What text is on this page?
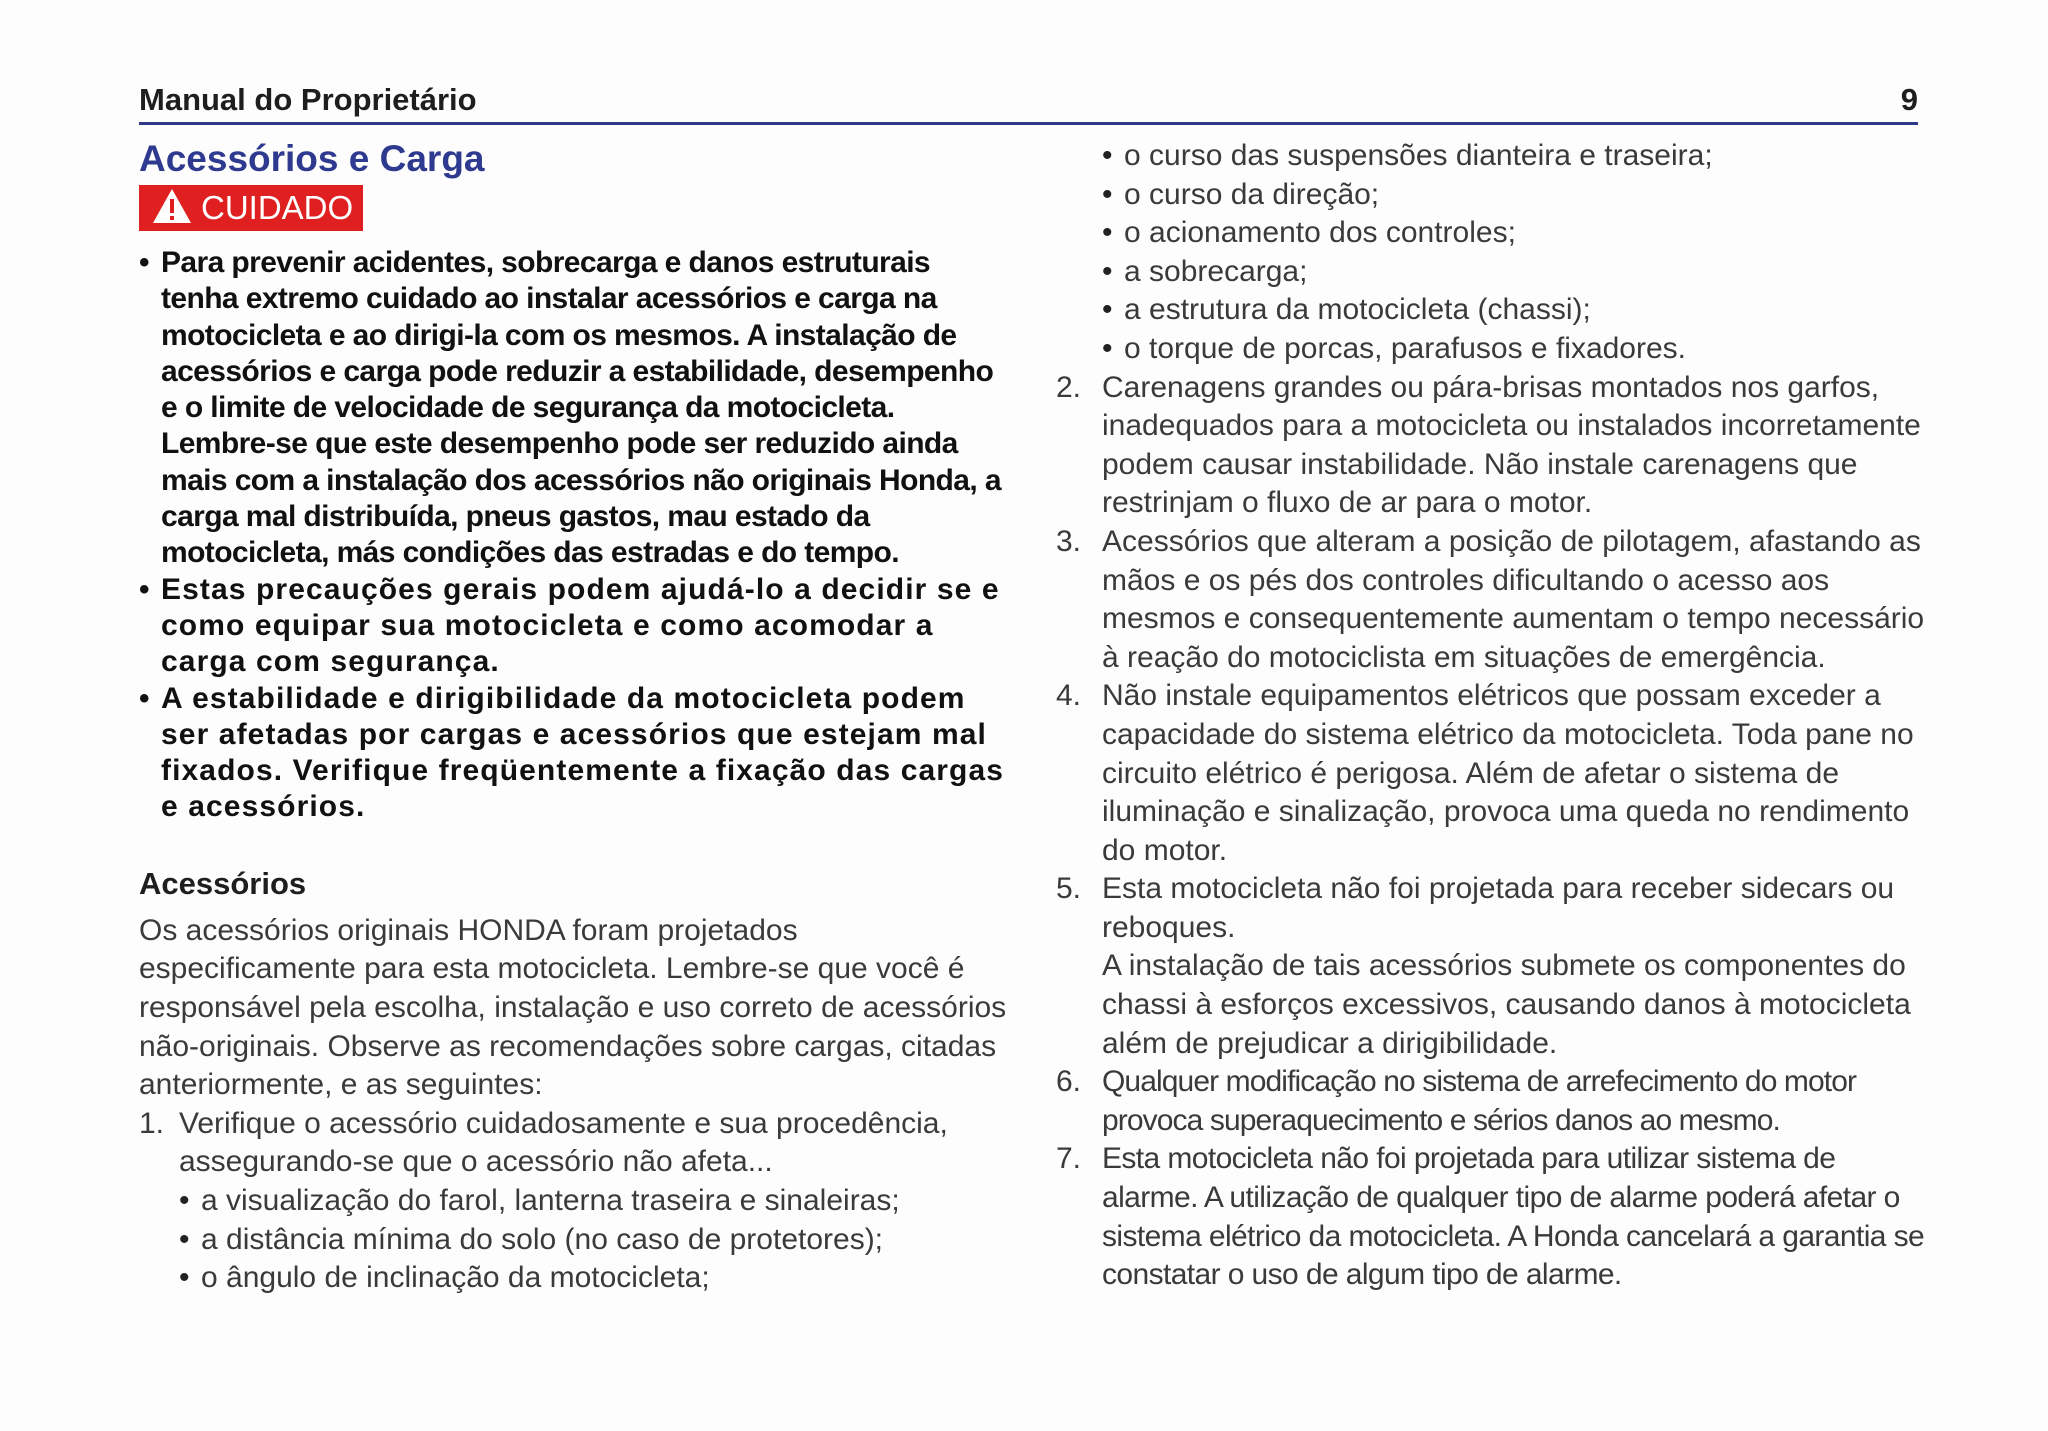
Manual do Proprietário	9
Acessórios e Carga
CUIDADO
• Para prevenir acidentes, sobrecarga e danos estruturais tenha extremo cuidado ao instalar acessórios e carga na motocicleta e ao dirigi-la com os mesmos. A instalação de acessórios e carga pode reduzir a estabilidade, desempenho e o limite de velocidade de segurança da motocicleta. Lembre-se que este desempenho pode ser reduzido ainda mais com a instalação dos acessórios não originais Honda, a carga mal distribuída, pneus gastos, mau estado da motocicleta, más condições das estradas e do tempo.
• Estas precauções gerais podem ajudá-lo a decidir se e como equipar sua motocicleta e como acomodar a carga com segurança.
• A estabilidade e dirigibilidade da motocicleta podem ser afetadas por cargas e acessórios que estejam mal fixados. Verifique freqüentemente a fixação das cargas e acessórios.
Acessórios

Os acessórios originais HONDA foram projetados especificamente para esta motocicleta. Lembre-se que você é responsável pela escolha, instalação e uso correto de acessórios não-originais. Observe as recomendações sobre cargas, citadas anteriormente, e as seguintes:

1. Verifique o acessório cuidadosamente e sua procedência, assegurando-se que o acessório não afeta...

• a visualização do farol, lanterna traseira e sinaleiras;
• a distância mínima do solo (no caso de protetores);
• o ângulo de inclinação da motocicleta;
• o curso das suspensões dianteira e traseira;
• o curso da direção;
• o acionamento dos controles;
• a sobrecarga;
• a estrutura da motocicleta (chassi);
• o torque de porcas, parafusos e fixadores.
2. Carenagens grandes ou pára-brisas montados nos garfos, inadequados para a motocicleta ou instalados incorretamente podem causar instabilidade. Não instale carenagens que restrinjam o fluxo de ar para o motor.

3. Acessórios que alteram a posição de pilotagem, afastando as mãos e os pés dos controles dificultando o acesso aos mesmos e consequentemente aumentam o tempo necessário à reação do motociclista em situações de emergência.

4. Não instale equipamentos elétricos que possam exceder a capacidade do sistema elétrico da motocicleta. Toda pane no circuito elétrico é perigosa. Além de afetar o sistema de iluminação e sinalização, provoca uma queda no rendimento do motor.

5. Esta motocicleta não foi projetada para receber sidecars ou reboques.

A instalação de tais acessórios submete os componentes do chassi à esforços excessivos, causando danos à motocicleta além de prejudicar a dirigibilidade.

6. Qualquer modificação no sistema de arrefecimento do motor provoca superaquecimento e sérios danos ao mesmo.

7. Esta motocicleta não foi projetada para utilizar sistema de alarme. A utilização de qualquer tipo de alarme poderá afetar o sistema elétrico da motocicleta. A Honda cancelará a garantia se constatar o uso de algum tipo de alarme.
